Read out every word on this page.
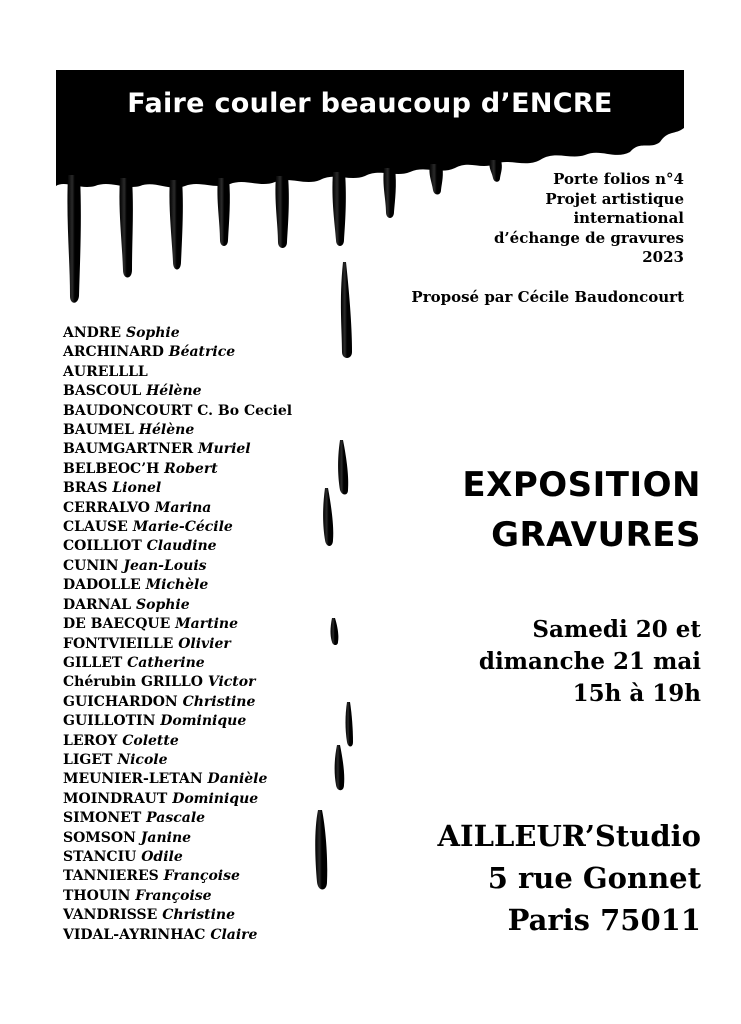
Faire couler beaucoup d’ENCRE
Porte folios n°4
Projet artistique
international
d’échange de gravures
2023
Proposé par Cécile Baudoncourt
ANDRE Sophie
ARCHINARD Béatrice
AURELLLL
BASCOUL Hélène
BAUDONCOURT C. Bo Ceciel
BAUMEL Hélène
BAUMGARTNER Muriel
BELBEOC’H Robert
BRAS Lionel
CERRALVO Marina
CLAUSE Marie-Cécile
COILLIOT Claudine
CUNIN Jean-Louis
DADOLLE Michèle
DARNAL Sophie
DE BAECQUE Martine
FONTVIEILLE Olivier
GILLET Catherine
Chérubin GRILLO Victor
GUICHARDON Christine
GUILLOTIN Dominique
LEROY Colette
LIGET Nicole
MEUNIER-LETAN Danièle
MOINDRAUT Dominique
SIMONET Pascale
SOMSON Janine
STANCIU Odile
TANNIERES Françoise
THOUIN Françoise
VANDRISSE Christine
VIDAL-AYRINHAC Claire
EXPOSITION
GRAVURES
Samedi 20 et
dimanche 21 mai
15h à 19h
AILLEUR’Studio
5 rue Gonnet
Paris 75011
